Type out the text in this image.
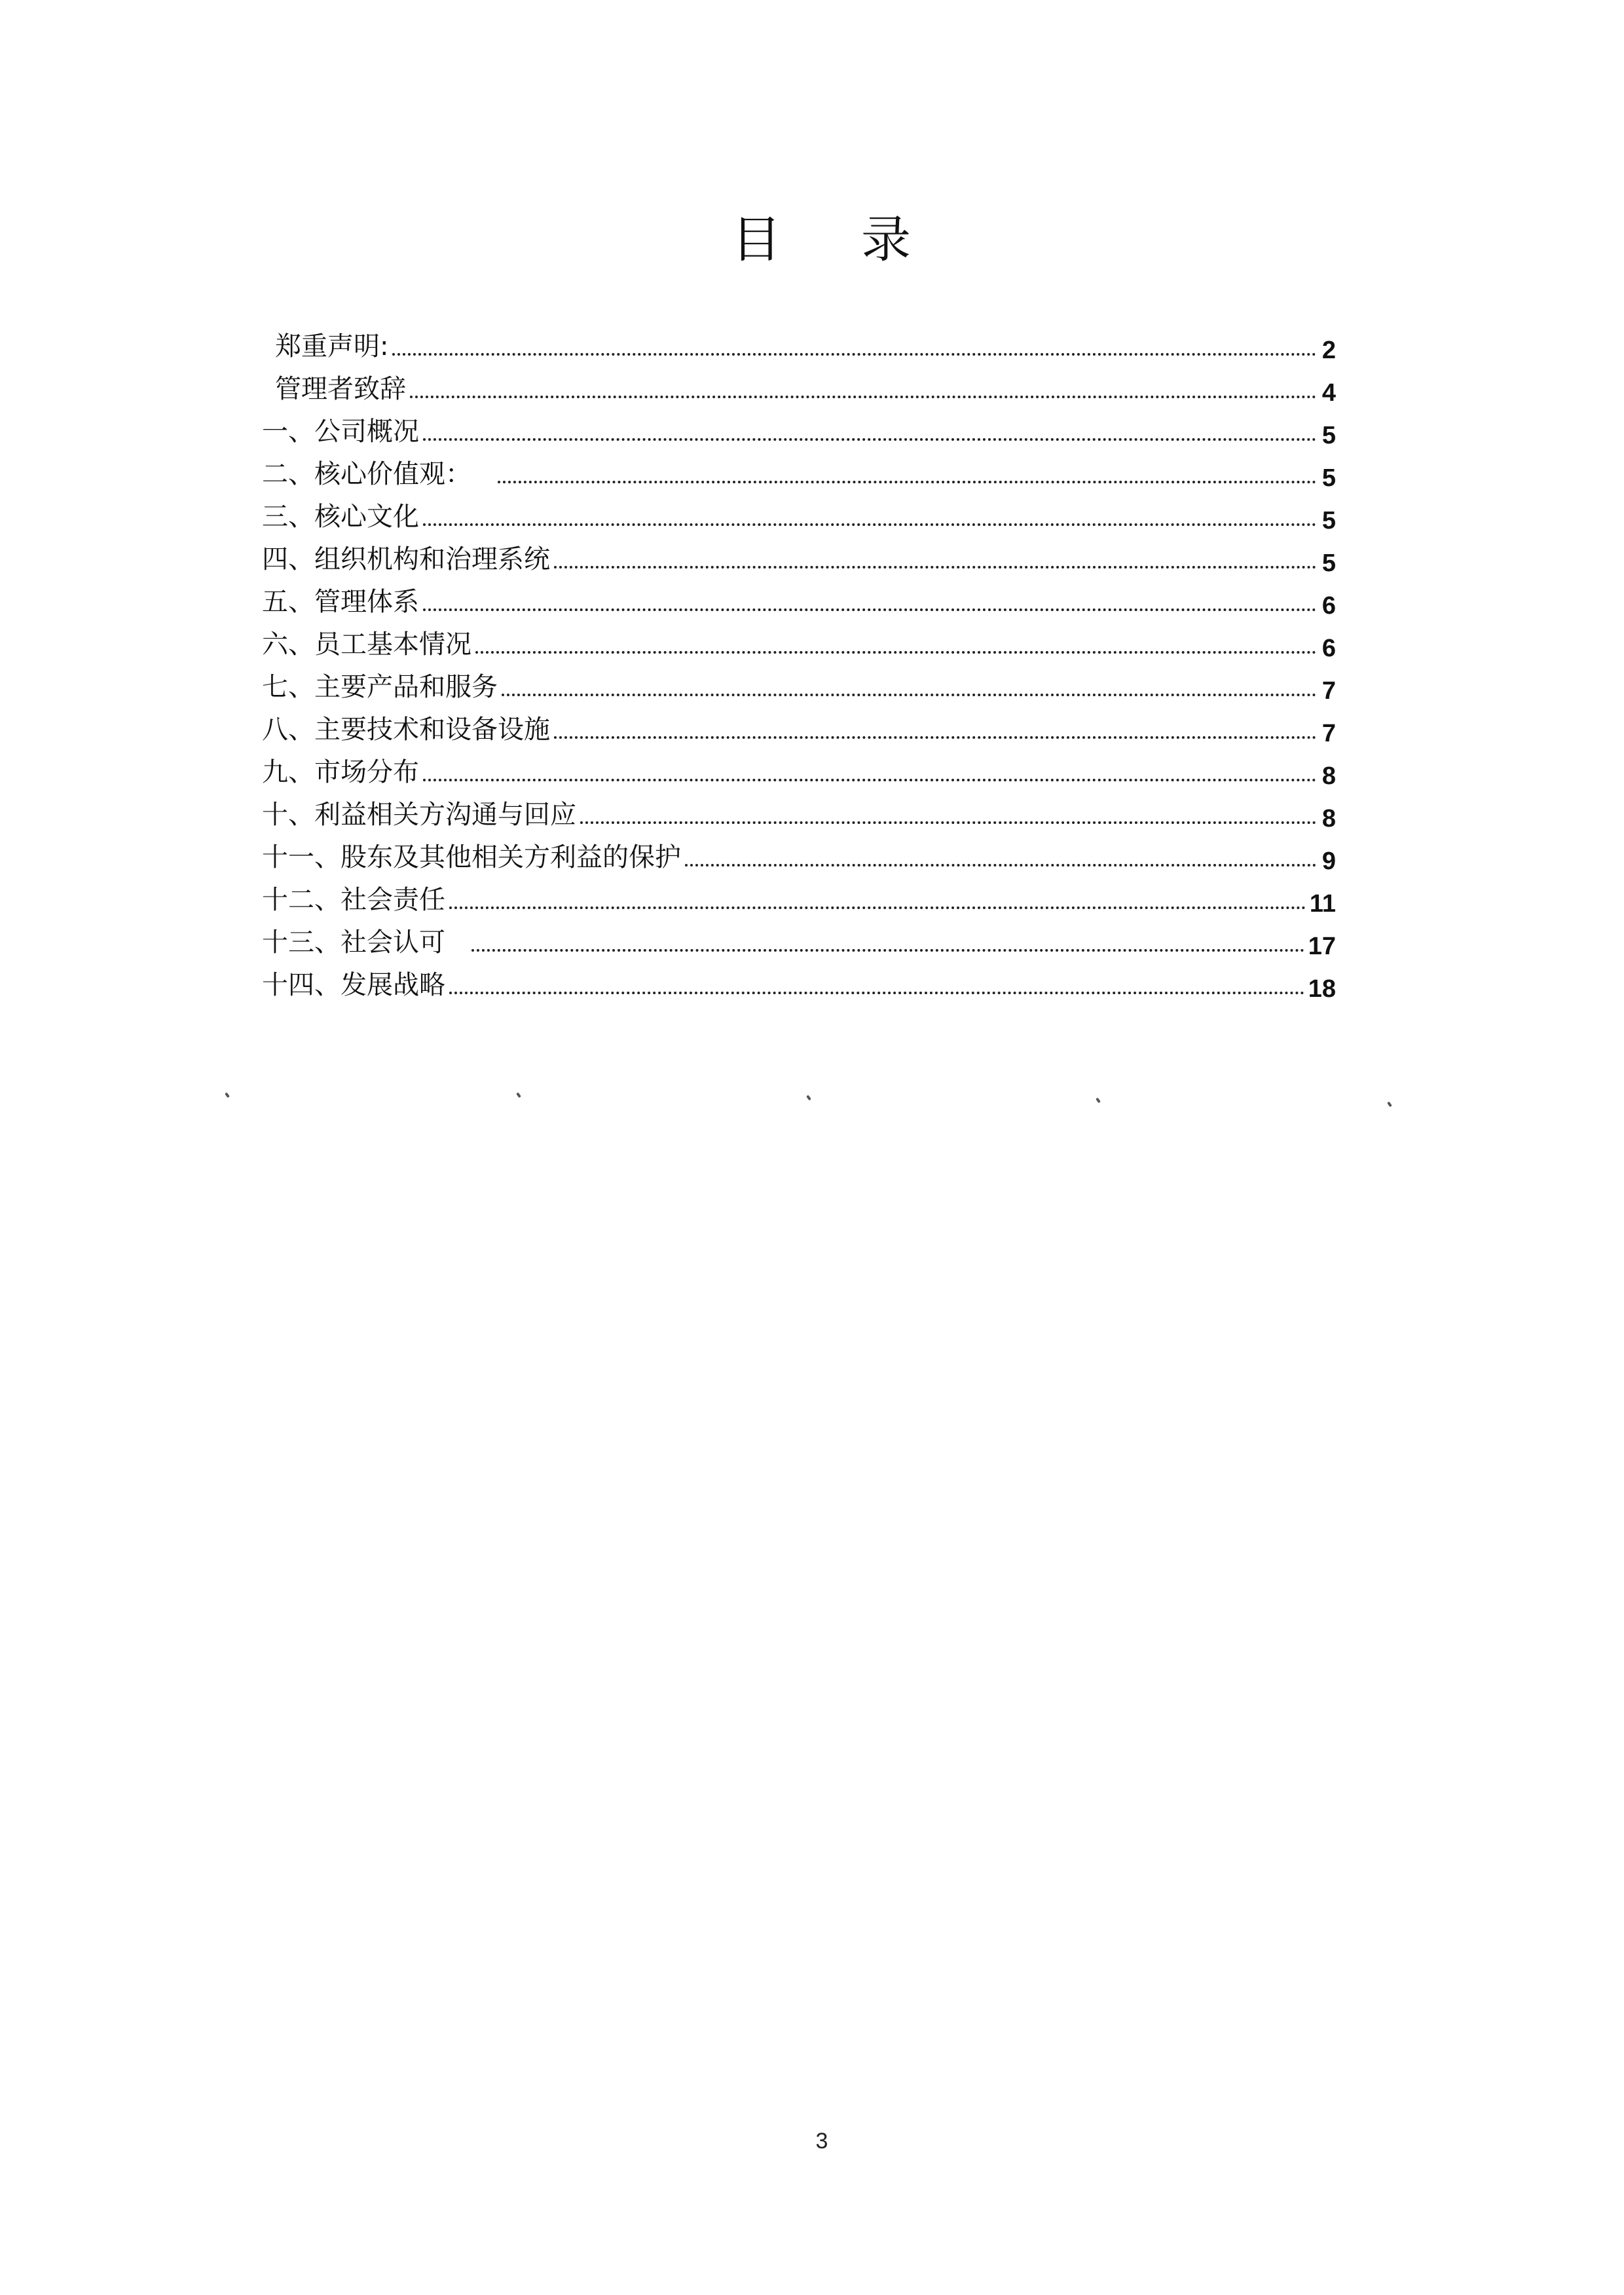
目 录
郑重声明:	2
管理者致辞	4
一、公司概况	5
二、核心价值观：	5
三、核心文化	5
四、组织机构和治理系统	5
五、管理体系	6
六、员工基本情况	6
七、主要产品和服务	7
八、主要技术和设备设施	7
九、市场分布	8
十、利益相关方沟通与回应	8
十一、股东及其他相关方利益的保护	9
十二、社会责任	11
十三、社会认可	17
十四、发展战略	18
3
